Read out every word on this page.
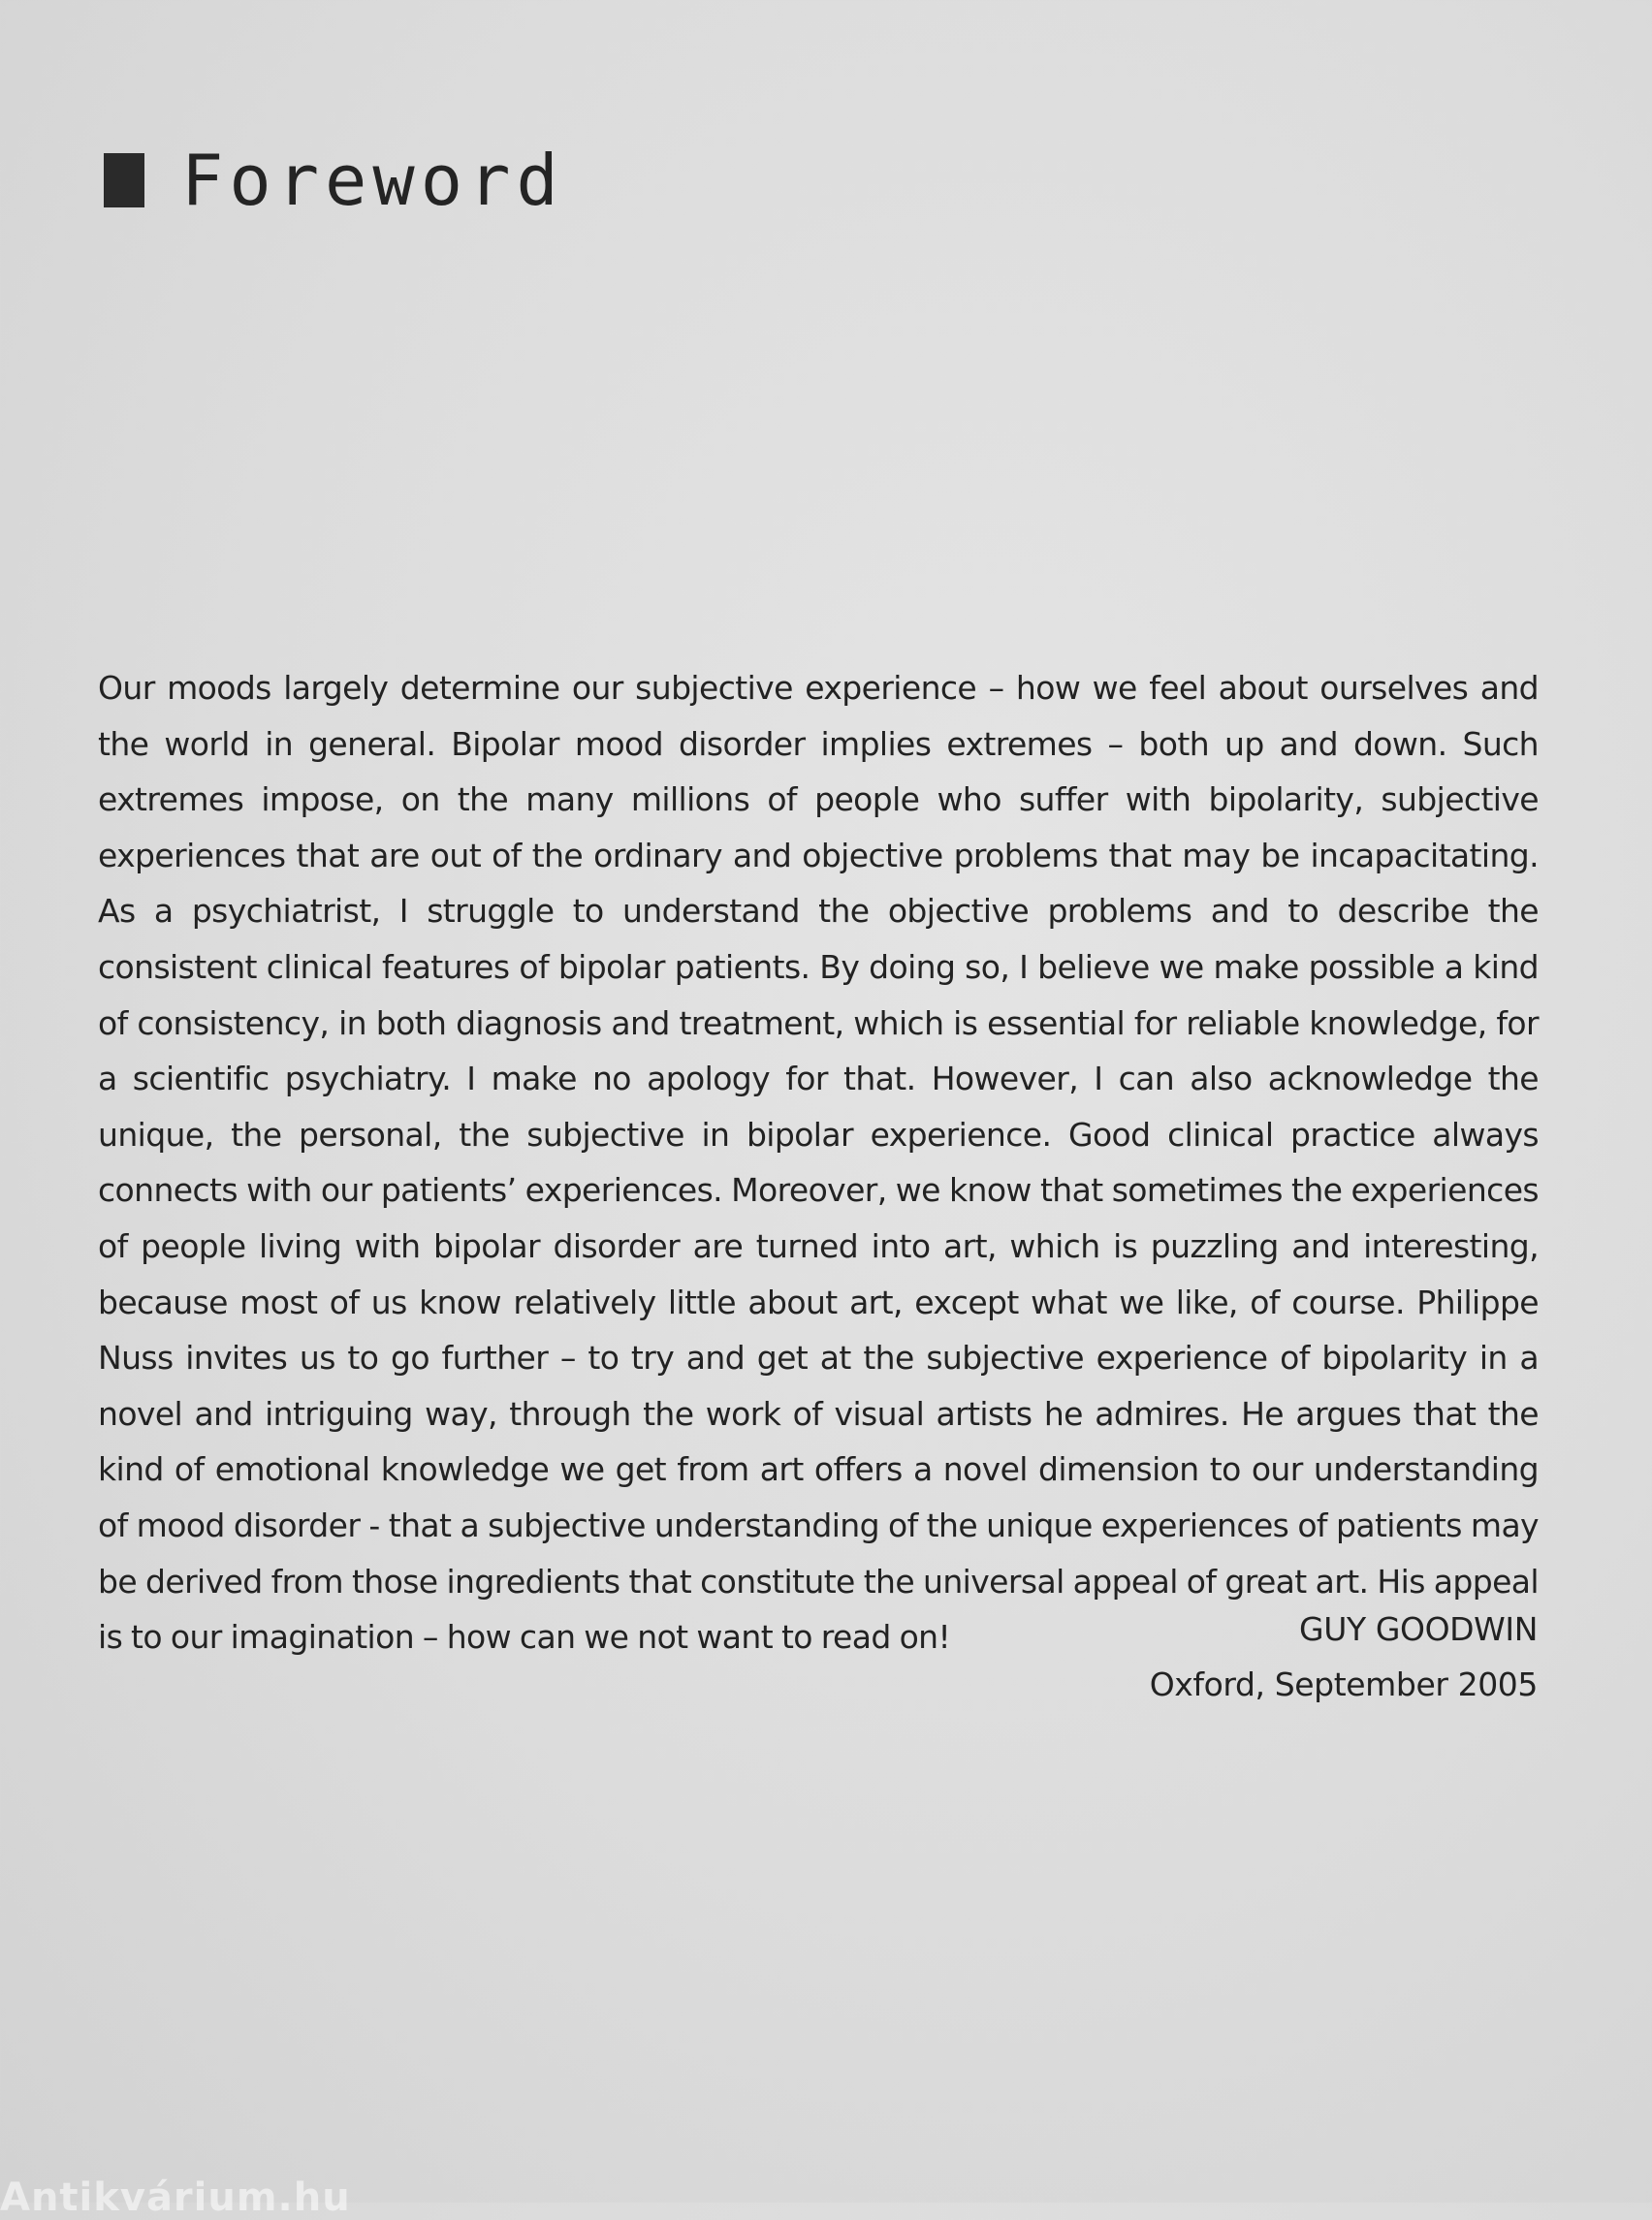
Foreword

Our moods largely determine our subjective experience – how we feel about ourselves and the world in general. Bipolar mood disorder implies extremes – both up and down. Such extremes impose, on the many millions of people who suffer with bipolarity, subjective experiences that are out of the ordinary and objective problems that may be incapacitating. As a psychiatrist, I struggle to understand the objective problems and to describe the consistent clinical features of bipolar patients. By doing so, I believe we make possible a kind of consistency, in both diagnosis and treatment, which is essential for reliable knowledge, for a scientific psychiatry. I make no apology for that. However, I can also acknowledge the unique, the personal, the subjective in bipolar experience. Good clinical practice always connects with our patients’ experiences. Moreover, we know that sometimes the experiences of people living with bipolar disorder are turned into art, which is puzzling and interesting, because most of us know relatively little about art, except what we like, of course. Philippe Nuss invites us to go further – to try and get at the subjective experience of bipolarity in a novel and intriguing way, through the work of visual artists he admires. He argues that the kind of emotional knowledge we get from art offers a novel dimension to our understanding of mood disorder - that a subjective understanding of the unique experiences of patients may be derived from those ingredients that constitute the universal appeal of great art. His appeal is to our imagination – how can we not want to read on!	GUY GOODWIN
Oxford, September 2005
Antikvárium.hu
